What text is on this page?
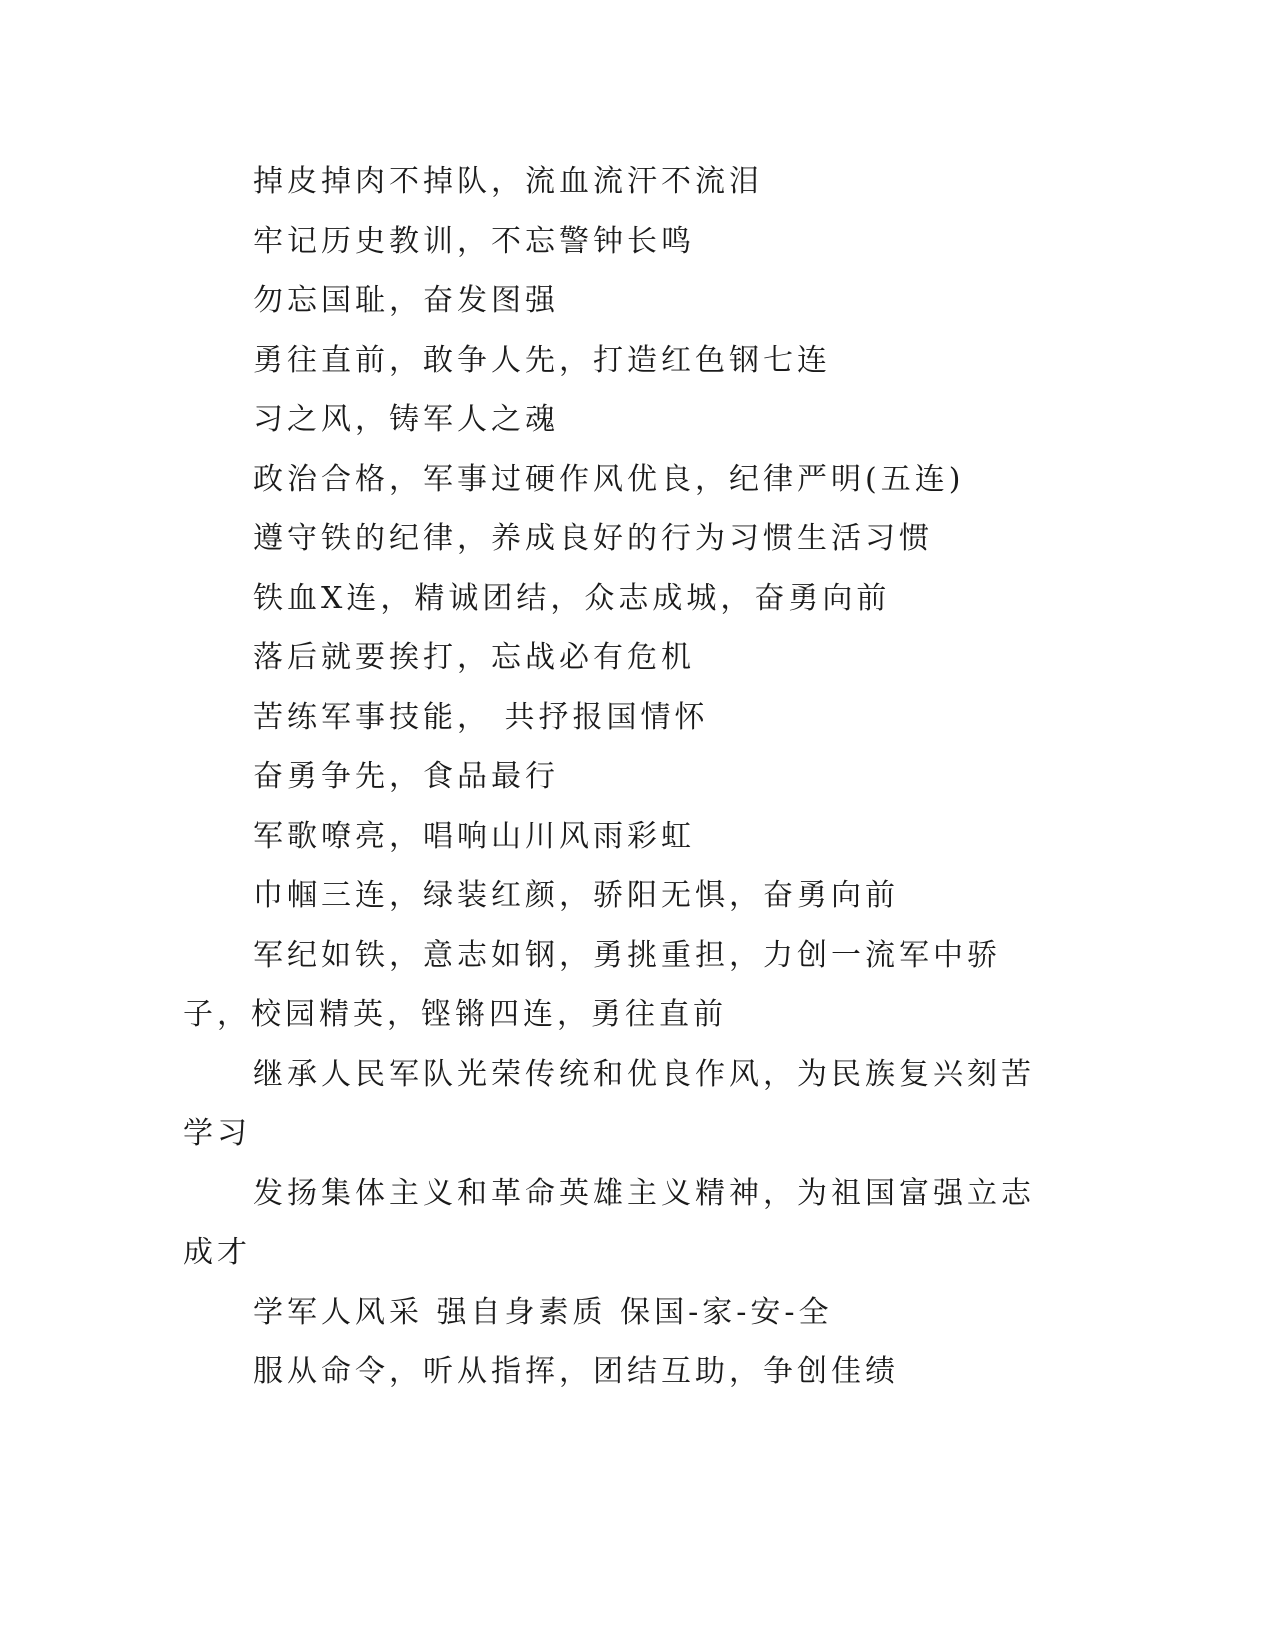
掉皮掉肉不掉队，流血流汗不流泪

牢记历史教训，不忘警钟长鸣

勿忘国耻，奋发图强

勇往直前，敢争人先，打造红色钢七连

习之风，铸军人之魂

政治合格，军事过硬作风优良，纪律严明(五连)

遵守铁的纪律，养成良好的行为习惯生活习惯

铁血X连，精诚团结，众志成城，奋勇向前

落后就要挨打，忘战必有危机

苦练军事技能， 共抒报国情怀

奋勇争先，食品最行

军歌嘹亮，唱响山川风雨彩虹

巾帼三连，绿装红颜，骄阳无惧，奋勇向前

军纪如铁，意志如钢，勇挑重担，力创一流军中骄子，校园精英，铿锵四连，勇往直前

继承人民军队光荣传统和优良作风，为民族复兴刻苦学习

发扬集体主义和革命英雄主义精神，为祖国富强立志成才

学军人风采 强自身素质 保国-家-安-全

服从命令，听从指挥，团结互助，争创佳绩
